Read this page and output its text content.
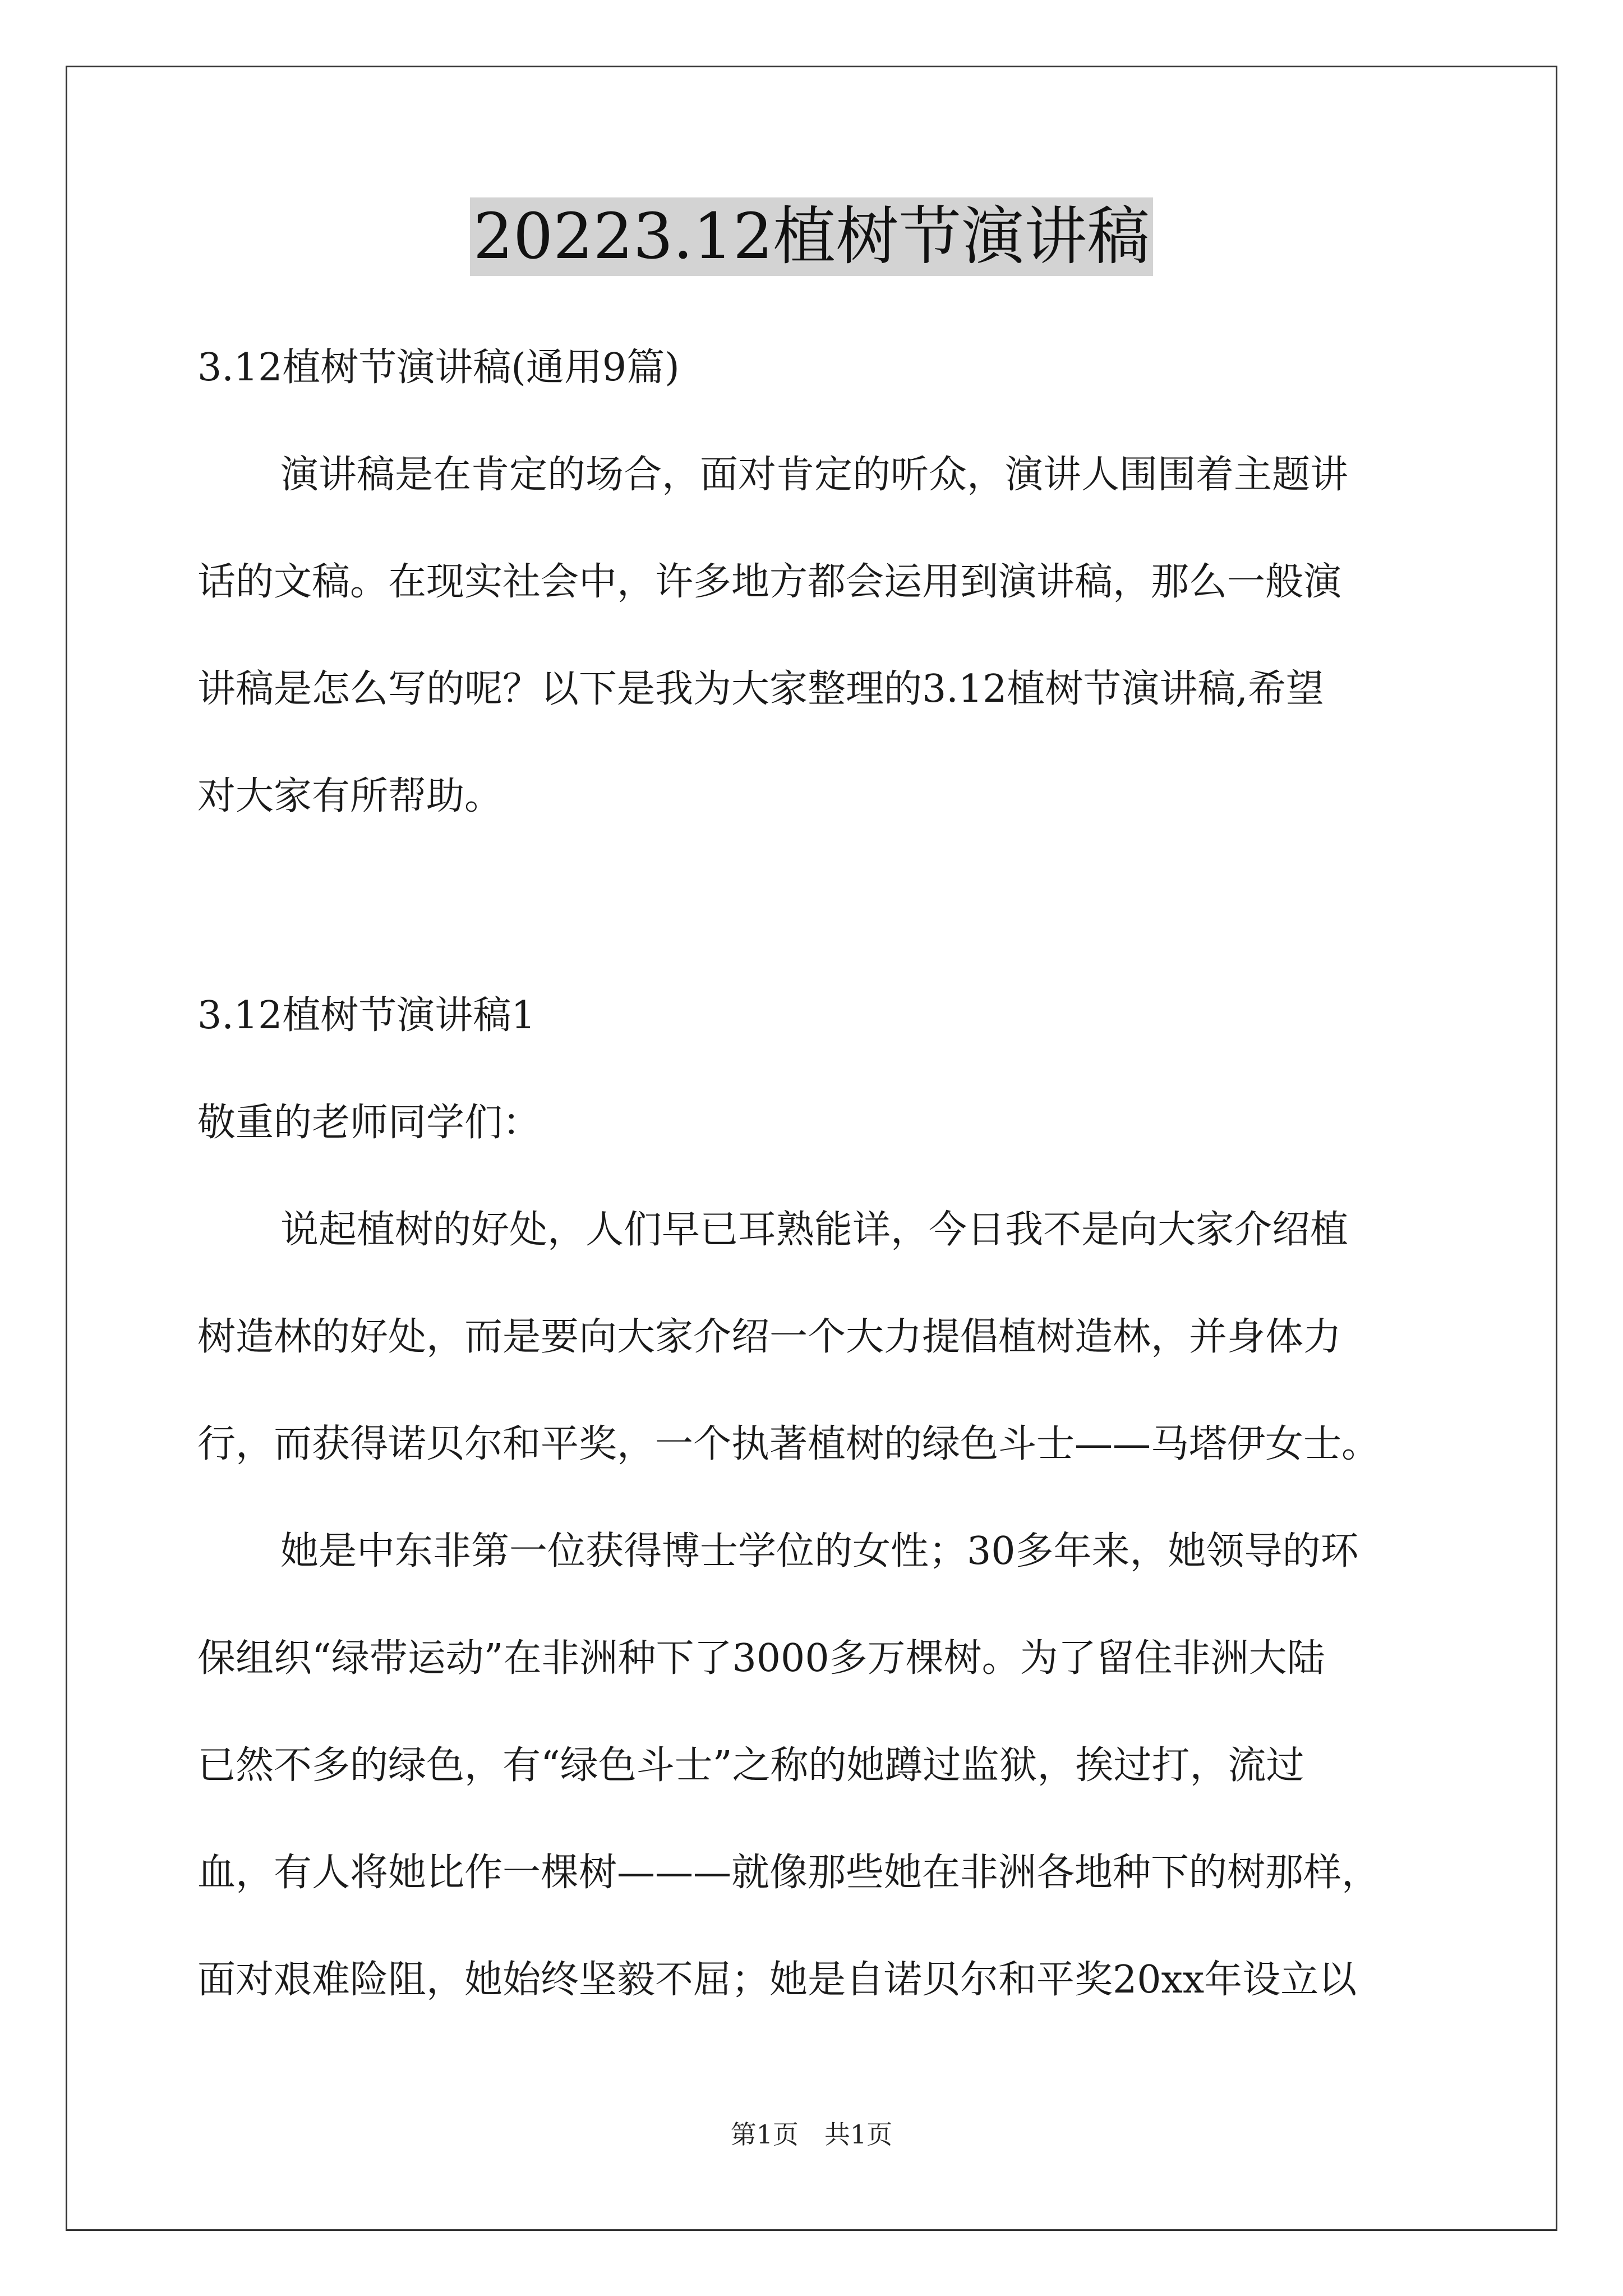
20223.12植树节演讲稿

3.12植树节演讲稿(通用9篇)

演讲稿是在肯定的场合，面对肯定的听众，演讲人围围着主题讲

话的文稿。在现实社会中，许多地方都会运用到演讲稿，那么一般演

讲稿是怎么写的呢？以下是我为大家整理的3.12植树节演讲稿,希望

对大家有所帮助。

3.12植树节演讲稿1

敬重的老师同学们：

说起植树的好处，人们早已耳熟能详，今日我不是向大家介绍植

树造林的好处，而是要向大家介绍一个大力提倡植树造林，并身体力

行，而获得诺贝尔和平奖，一个执著植树的绿色斗士——马塔伊女士。

她是中东非第一位获得博士学位的女性；30多年来，她领导的环

保组织“绿带运动”在非洲种下了3000多万棵树。为了留住非洲大陆

已然不多的绿色，有“绿色斗士”之称的她蹲过监狱，挨过打，流过

血，有人将她比作一棵树———就像那些她在非洲各地种下的树那样，

面对艰难险阻，她始终坚毅不屈；她是自诺贝尔和平奖20xx年设立以

第1页　共1页
